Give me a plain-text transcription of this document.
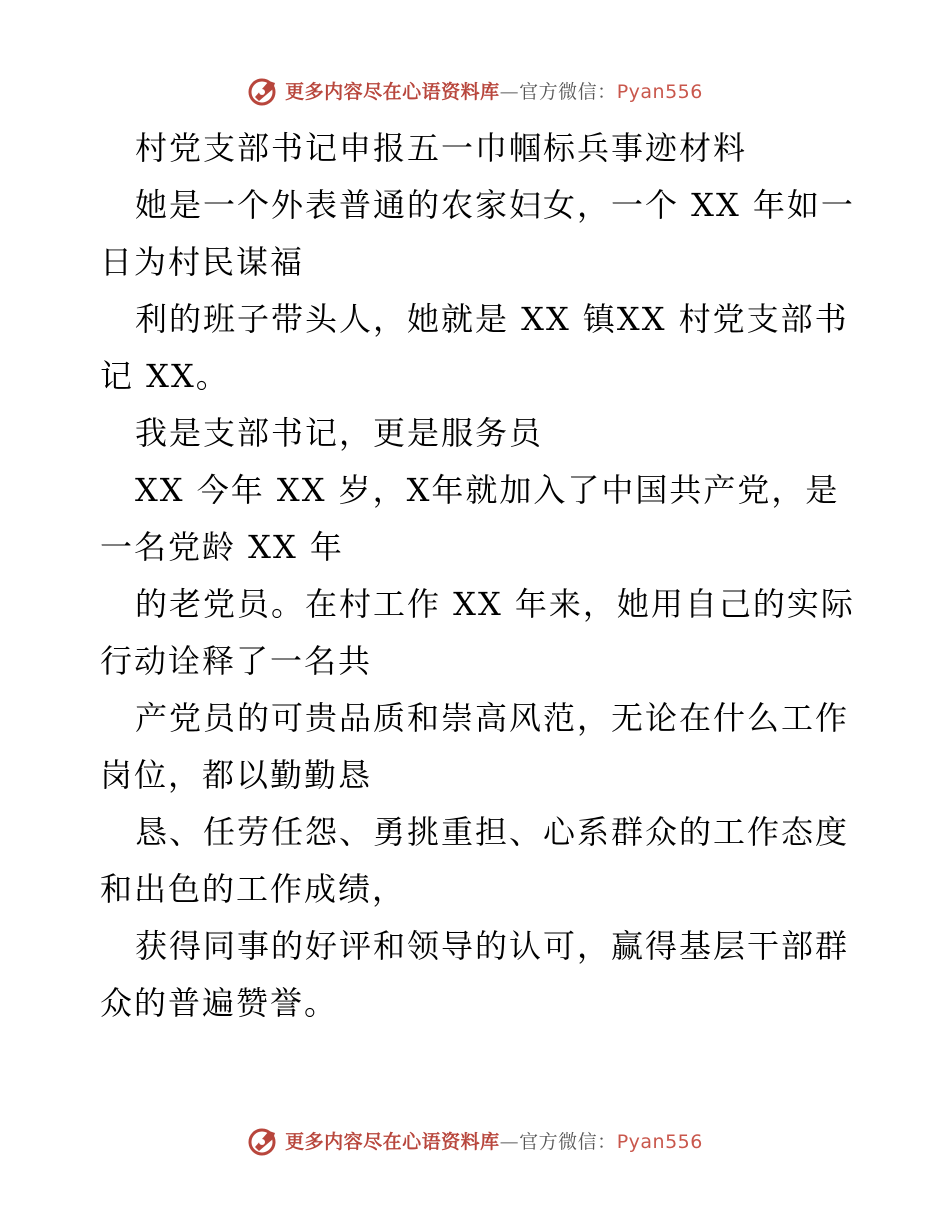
更多内容尽在心语资料库—官方微信：Pyan556
村党支部书记申报五一巾帼标兵事迹材料
她是一个外表普通的农家妇女，一个 XX 年如一
日为村民谋福
利的班子带头人，她就是 XX 镇XX 村党支部书
记 XX。
我是支部书记，更是服务员
XX 今年 XX 岁，X年就加入了中国共产党，是
一名党龄 XX 年
的老党员。在村工作 XX 年来，她用自己的实际
行动诠释了一名共
产党员的可贵品质和崇高风范，无论在什么工作
岗位，都以勤勤恳
恳、任劳任怨、勇挑重担、心系群众的工作态度
和出色的工作成绩，
获得同事的好评和领导的认可，赢得基层干部群
众的普遍赞誉。
更多内容尽在心语资料库—官方微信：Pyan556
